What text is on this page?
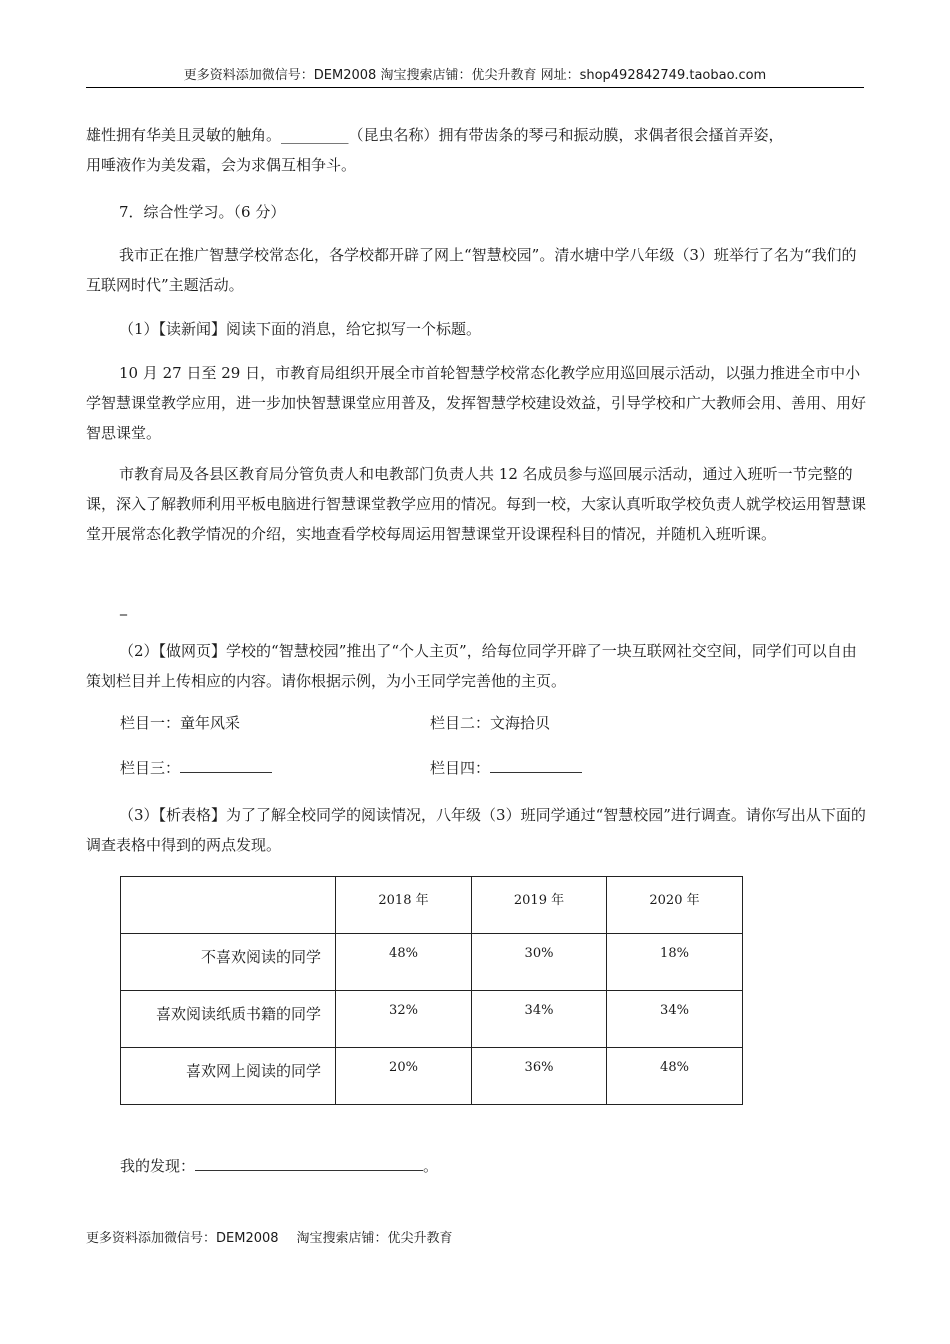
更多资料添加微信号：DEM2008 淘宝搜索店铺：优尖升教育 网址：shop492842749.taobao.com

雄性拥有华美且灵敏的触角。_________（昆虫名称）拥有带齿条的琴弓和振动膜，求偶者很会搔首弄姿，

用唾液作为美发霜，会为求偶互相争斗。

7．综合性学习。（6 分）

我市正在推广智慧学校常态化，各学校都开辟了网上“智慧校园”。清水塘中学八年级（3）班举行了名为“我们的互联网时代”主题活动。

（1）【读新闻】阅读下面的消息，给它拟写一个标题。

10 月 27 日至 29 日，市教育局组织开展全市首轮智慧学校常态化教学应用巡回展示活动，以强力推进全市中小学智慧课堂教学应用，进一步加快智慧课堂应用普及，发挥智慧学校建设效益，引导学校和广大教师会用、善用、用好智思课堂。

市教育局及各县区教育局分管负责人和电教部门负责人共 12 名成员参与巡回展示活动，通过入班听一节完整的课，深入了解教师利用平板电脑进行智慧课堂教学应用的情况。每到一校，大家认真听取学校负责人就学校运用智慧课堂开展常态化教学情况的介绍，实地查看学校每周运用智慧课堂开设课程科目的情况，并随机入班听课。

_

（2）【做网页】学校的“智慧校园”推出了“个人主页”，给每位同学开辟了一块互联网社交空间，同学们可以自由策划栏目并上传相应的内容。请你根据示例，为小王同学完善他的主页。

栏目一：童年风采	栏目二：文海拾贝
栏目三：	栏目四：

（3）【析表格】为了了解全校同学的阅读情况，八年级（3）班同学通过“智慧校园”进行调查。请你写出从下面的调查表格中得到的两点发现。

	2018 年	2019 年	2020 年
不喜欢阅读的同学	48%	30%	18%
喜欢阅读纸质书籍的同学	32%	34%	34%
喜欢网上阅读的同学	20%	36%	48%
我的发现：	。
更多资料添加微信号：DEM2008 淘宝搜索店铺：优尖升教育
